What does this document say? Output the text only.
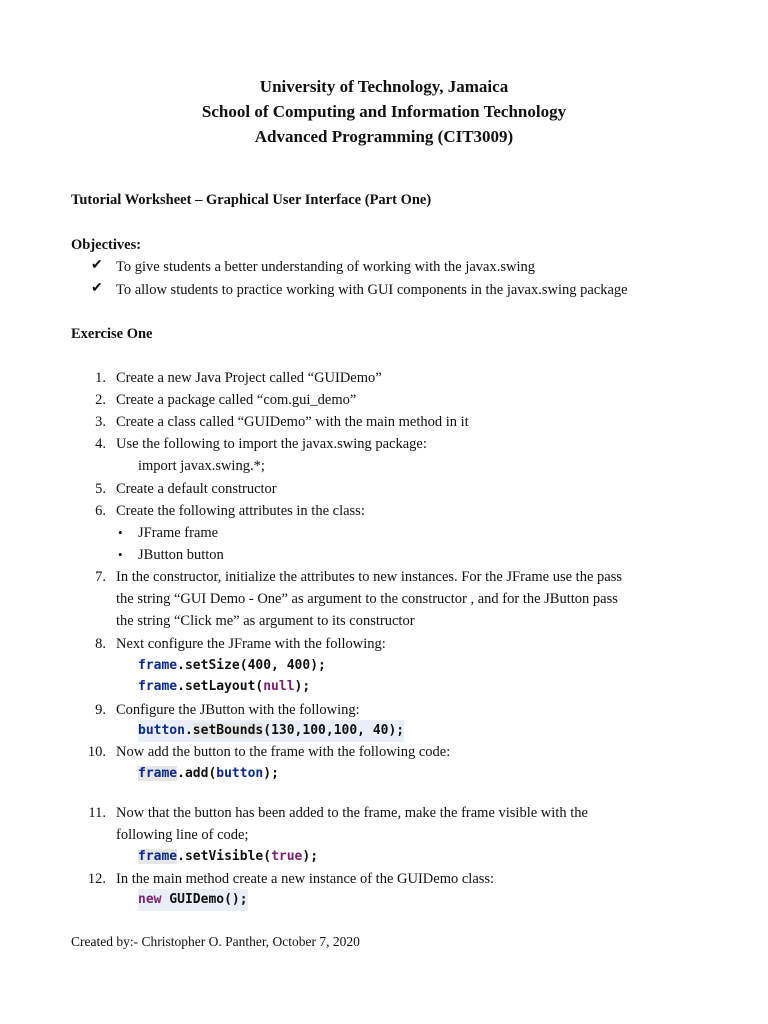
University of Technology, Jamaica
School of Computing and Information Technology
Advanced Programming (CIT3009)
Tutorial Worksheet – Graphical User Interface (Part One)
Objectives:
✔ To give students a better understanding of working with the javax.swing
✔ To allow students to practice working with GUI components in the javax.swing package
Exercise One
1. Create a new Java Project called “GUIDemo”
2. Create a package called “com.gui_demo”
3. Create a class called “GUIDemo” with the main method in it
4. Use the following to import the javax.swing package:
import javax.swing.*;
5. Create a default constructor
6. Create the following attributes in the class:
• JFrame frame
• JButton button
7. In the constructor, initialize the attributes to new instances. For the JFrame use the pass
the string “GUI Demo - One” as argument to the constructor , and for the JButton pass
the string “Click me” as argument to its constructor
8. Next configure the JFrame with the following:
frame.setSize(400, 400);
frame.setLayout(null);
9. Configure the JButton with the following:
button.setBounds(130,100,100, 40);
10. Now add the button to the frame with the following code:
frame.add(button);
11. Now that the button has been added to the frame, make the frame visible with the
following line of code;
frame.setVisible(true);
12. In the main method create a new instance of the GUIDemo class:
new GUIDemo();
Created by:- Christopher O. Panther, October 7, 2020
